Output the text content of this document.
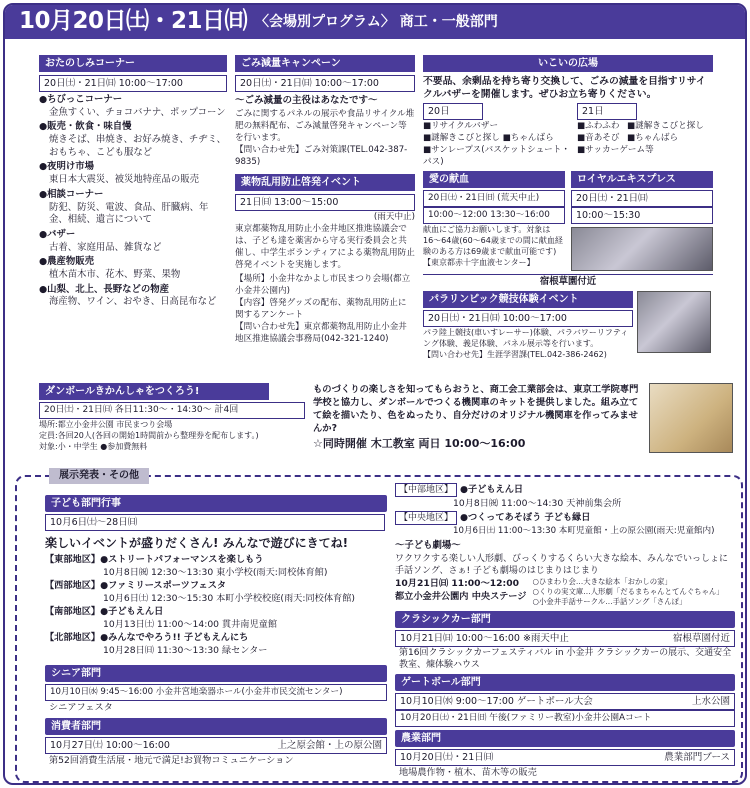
10月20日㈯・21日㈰ 〈会場別プログラム〉 商工・一般部門
おたのしみコーナー
20日㈯・21日㈰ 10:00〜17:00
●ちびっこコーナー
金魚すくい、チョコバナナ、ポップコーン
●販売・飲食・味自慢
焼きそば、串焼き、お好み焼き、チヂミ、おもちゃ、こども服など
●夜明け市場
東日本大震災、被災地特産品の販売
●相談コーナー
防犯、防災、電波、食品、肝臓病、年金、相続、遺言について
●バザー
古着、家庭用品、雑貨など
●農産物販売
植木苗木市、花木、野菜、果物
●山梨、北上、長野などの物産
海産物、ワイン、おやき、日高昆布など
ごみ減量キャンペーン
20日㈯・21日㈰ 10:00〜17:00
〜ごみ減量の主役はあなたです〜
ごみに関するパネルの展示や食品リサイクル堆肥の無料配布、ごみ減量啓発キャンペーン等を行います。
【問い合わせ先】ごみ対策課(TEL.042-387-9835)
薬物乱用防止啓発イベント
21日㈰ 13:00〜15:00
(雨天中止)
東京都薬物乱用防止小金井地区推進協議会では、子ども達を薬害から守る実行委員会と共催し、中学生ボランティアによる薬物乱用防止啓発イベントを実施します。
【場所】小金井なかよし市民まつり会場(都立小金井公園内)
【内容】啓発グッズの配布、薬物乱用防止に関するアンケート
【問い合わせ先】東京都薬物乱用防止小金井地区推進協議会事務局(042-321-1240)
いこいの広場
不要品、余剰品を持ち寄り交換して、ごみの減量を目指すリサイクルバザーを開催します。ぜひお立ち寄りください。
20日
■リサイクルバザー
■謎解きこびと探し ■ちゃんばら
■サンレープス(バスケットシュート・パス)
21日
■ふわふわ ■謎解きこびと探し
■音あそび ■ちゃんばら
■サッカーゲーム等
愛の献血
20日㈯・21日㈰ (荒天中止)
10:00〜12:00 13:30〜16:00
献血にご協力お願いします。対象は16〜64歳(60〜64歳までの間に献血経験のある方は69歳まで献血可能です)
【東京都赤十字血液センター】
ロイヤルエキスプレス
20日㈯・21日㈰
10:00〜15:30
宿根草園付近
パラリンピック競技体験イベント
20日㈯・21日㈰ 10:00〜17:00
パラ陸上競技(車いすレーサー)体験、パラバワーリフティング体験、義足体験、パネル展示等を行います。
【問い合わせ先】生涯学習課(TEL.042-386-2462)
ダンボールきかんしゃをつくろう!
20日㈯・21日㈰ 各日11:30〜・14:30〜 計4回
場所:都立小金井公園 市民まつり会場
定員:各回20人(各回の開始1時間前から整理券を配布します。)
対象:小・中学生 ●参加費無料
ものづくりの楽しさを知ってもらおうと、商工会工業部会は、東京工学院専門学校と協力し、ダンボールでつくる機関車のキットを提供しました。組み立てて絵を描いたり、色をぬったり、自分だけのオリジナル機関車を作ってみませんか?
☆同時開催 木工教室 両日 10:00〜16:00
展示発表・その他
子ども部門行事
10月6日㈯〜28日㈰
楽しいイベントが盛りだくさん! みんなで遊びにきてね!
【東部地区】●ストリートパフォーマンスを楽しもう
10月8日㈷ 12:30〜13:30 東小学校(雨天:同校体育館)
【西部地区】●ファミリースポーツフェスタ
10月6日㈯ 12:30〜15:30 本町小学校校庭(雨天:同校体育館)
【南部地区】●子どもえん日
10月13日㈯ 11:00〜14:00 貫井南児童館
【北部地区】●みんなでやろう!! 子どもえんにち
10月28日㈰ 11:30〜13:30 緑センター
シニア部門
10月10日㈬ 9:45〜16:00 小金井宮地楽器ホール(小金井市民交流センター)
シニアフェスタ
消費者部門
10月27日㈯ 10:00〜16:00	上之原会館・上の原公園
第52回消費生活展・地元で満足!お買物コミュニケーション
【中部地区】 ●子どもえん日
10月8日㈷ 11:00〜14:30 天神前集会所
【中央地区】 ●つくってあそぼう 子ども縁日
10月6日㈯ 11:00〜13:30 本町児童館・上の原公園(雨天:児童館内)
〜子ども劇場〜
ワクワクする楽しい人形劇、びっくりするくらい大きな絵本、みんなでいっしょに手話ソング、さぁ! 子ども劇場のはじまりはじまり
10月21日㈰ 11:00〜12:00
都立小金井公園内 中央ステージ
○ひまわり会…大きな絵本「おかしの家」
○くりの実文庫…人形劇「だるまちゃんとてんぐちゃん」
○小金井手話サークル…手話ソング「さんぽ」
クラシックカー部門
10月21日㈰ 10:00〜16:00 ※雨天中止	宿根草園付近
第16回クラシックカーフェスティバル in 小金井 クラシックカーの展示、交通安全教室、煉体験ハウス
ゲートボール部門
10月10日㈬ 9:00〜17:00 ゲートボール大会	上水公園
10月20日㈯・21日㈰ 午後(ファミリー教室)小金井公園Aコート
農業部門
10月20日㈯・21日㈰	農業部門ブース
地場農作物・植木、苗木等の販売
